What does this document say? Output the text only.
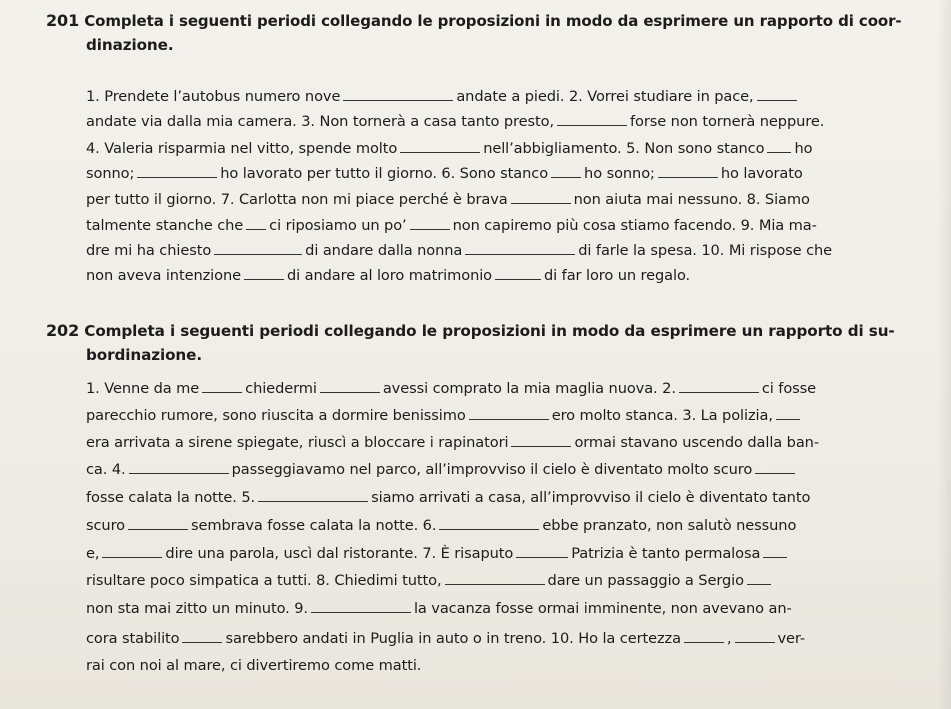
201 Completa i seguenti periodi collegando le proposizioni in modo da esprimere un rapporto di coor-
dinazione.
1. Prendete l’autobus numero nove	andate a piedi. 2. Vorrei studiare in pace,
andate via dalla mia camera. 3. Non tornerà a casa tanto presto,	forse non tornerà neppure.
4. Valeria risparmia nel vitto, spende molto	nell’abbigliamento. 5. Non sono stanco ho
sonno;	ho lavorato per tutto il giorno. 6. Sono stanco ho sonno;	ho lavorato
per tutto il giorno. 7. Carlotta non mi piace perché è brava	non aiuta mai nessuno. 8. Siamo
talmente stanche che ci riposiamo un po’	non capiremo più cosa stiamo facendo. 9. Mia ma-
dre mi ha chiesto	di andare dalla nonna	di farle la spesa. 10. Mi rispose che
non aveva intenzione	di andare al loro matrimonio	di far loro un regalo.
202 Completa i seguenti periodi collegando le proposizioni in modo da esprimere un rapporto di su-
bordinazione.
1. Venne da me	chiedermi	avessi comprato la mia maglia nuova. 2.	ci fosse
parecchio rumore, sono riuscita a dormire benissimo	ero molto stanca. 3. La polizia,
era arrivata a sirene spiegate, riuscì a bloccare i rapinatori	ormai stavano uscendo dalla ban-
ca. 4.	passeggiavamo nel parco, all’improvviso il cielo è diventato molto scuro
fosse calata la notte. 5.	siamo arrivati a casa, all’improvviso il cielo è diventato tanto
scuro	sembrava fosse calata la notte. 6.	ebbe pranzato, non salutò nessuno
e,	dire una parola, uscì dal ristorante. 7. È risaputo	Patrizia è tanto permalosa
risultare poco simpatica a tutti. 8. Chiedimi tutto,	dare un passaggio a Sergio
non sta mai zitto un minuto. 9.	la vacanza fosse ormai imminente, non avevano an-
cora stabilito	sarebbero andati in Puglia in auto o in treno. 10. Ho la certezza	,	ver-
rai con noi al mare, ci divertiremo come matti.
